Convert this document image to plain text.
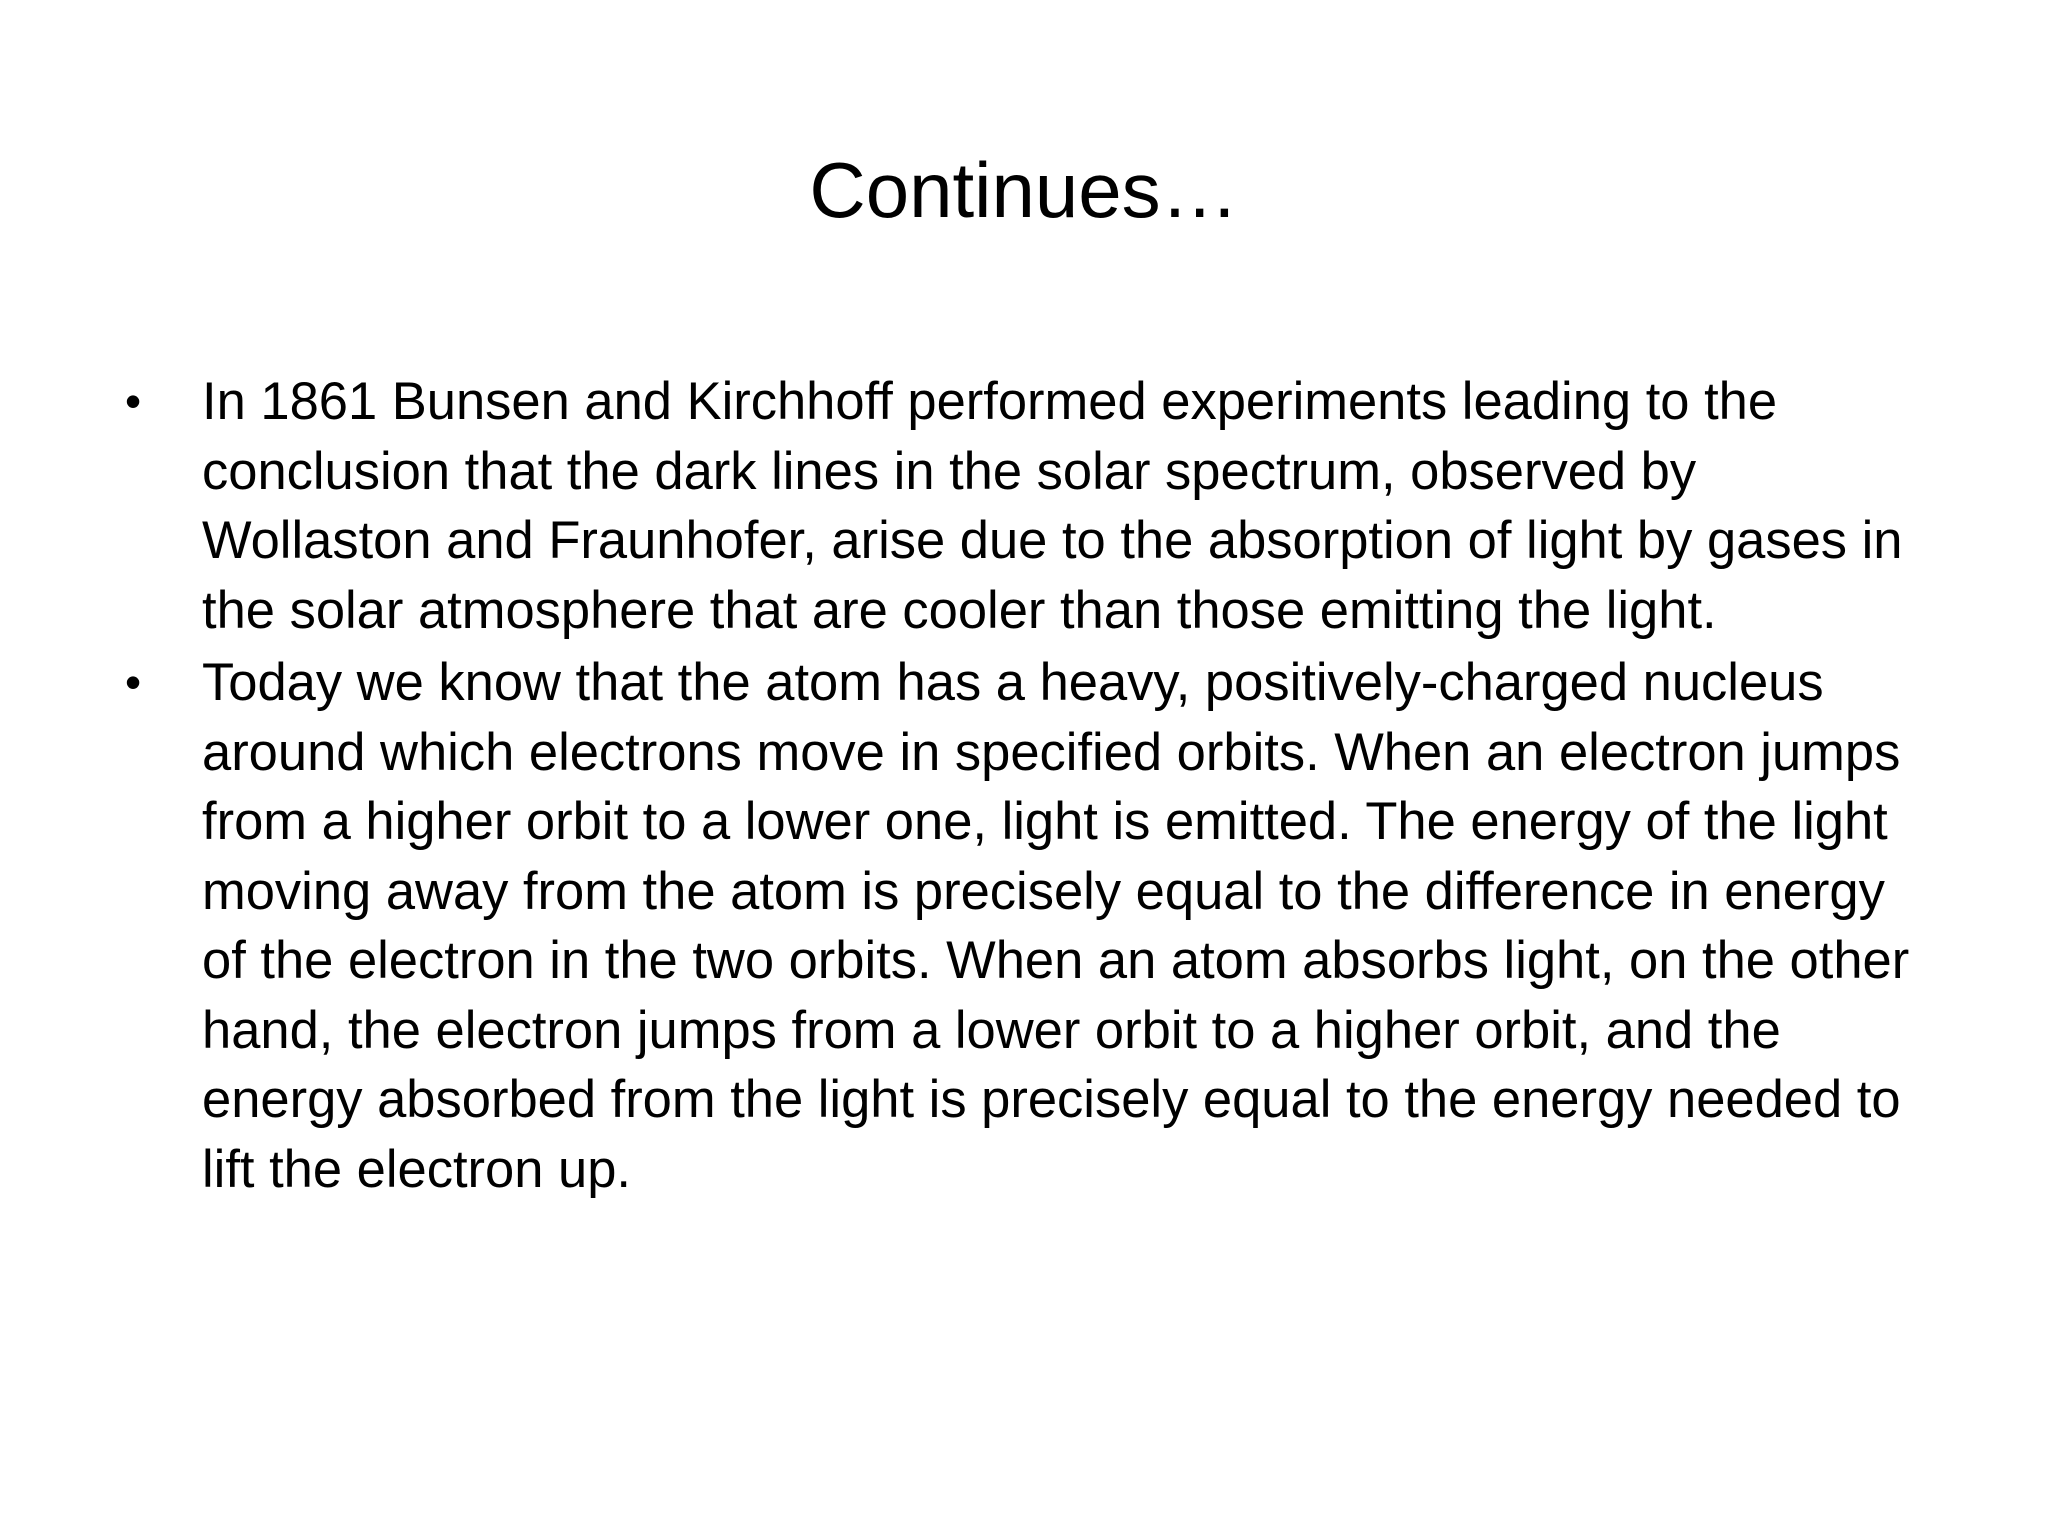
Continues…
•	In 1861 Bunsen and Kirchhoff performed experiments leading to the conclusion that the dark lines in the solar spectrum, observed by Wollaston and Fraunhofer, arise due to the absorption of light by gases in the solar atmosphere that are cooler than those emitting the light.
•	Today we know that the atom has a heavy, positively-charged nucleus around which electrons move in specified orbits. When an electron jumps from a higher orbit to a lower one, light is emitted. The energy of the light moving away from the atom is precisely equal to the difference in energy of the electron in the two orbits. When an atom absorbs light, on the other hand, the electron jumps from a lower orbit to a higher orbit, and the energy absorbed from the light is precisely equal to the energy needed to lift the electron up.
